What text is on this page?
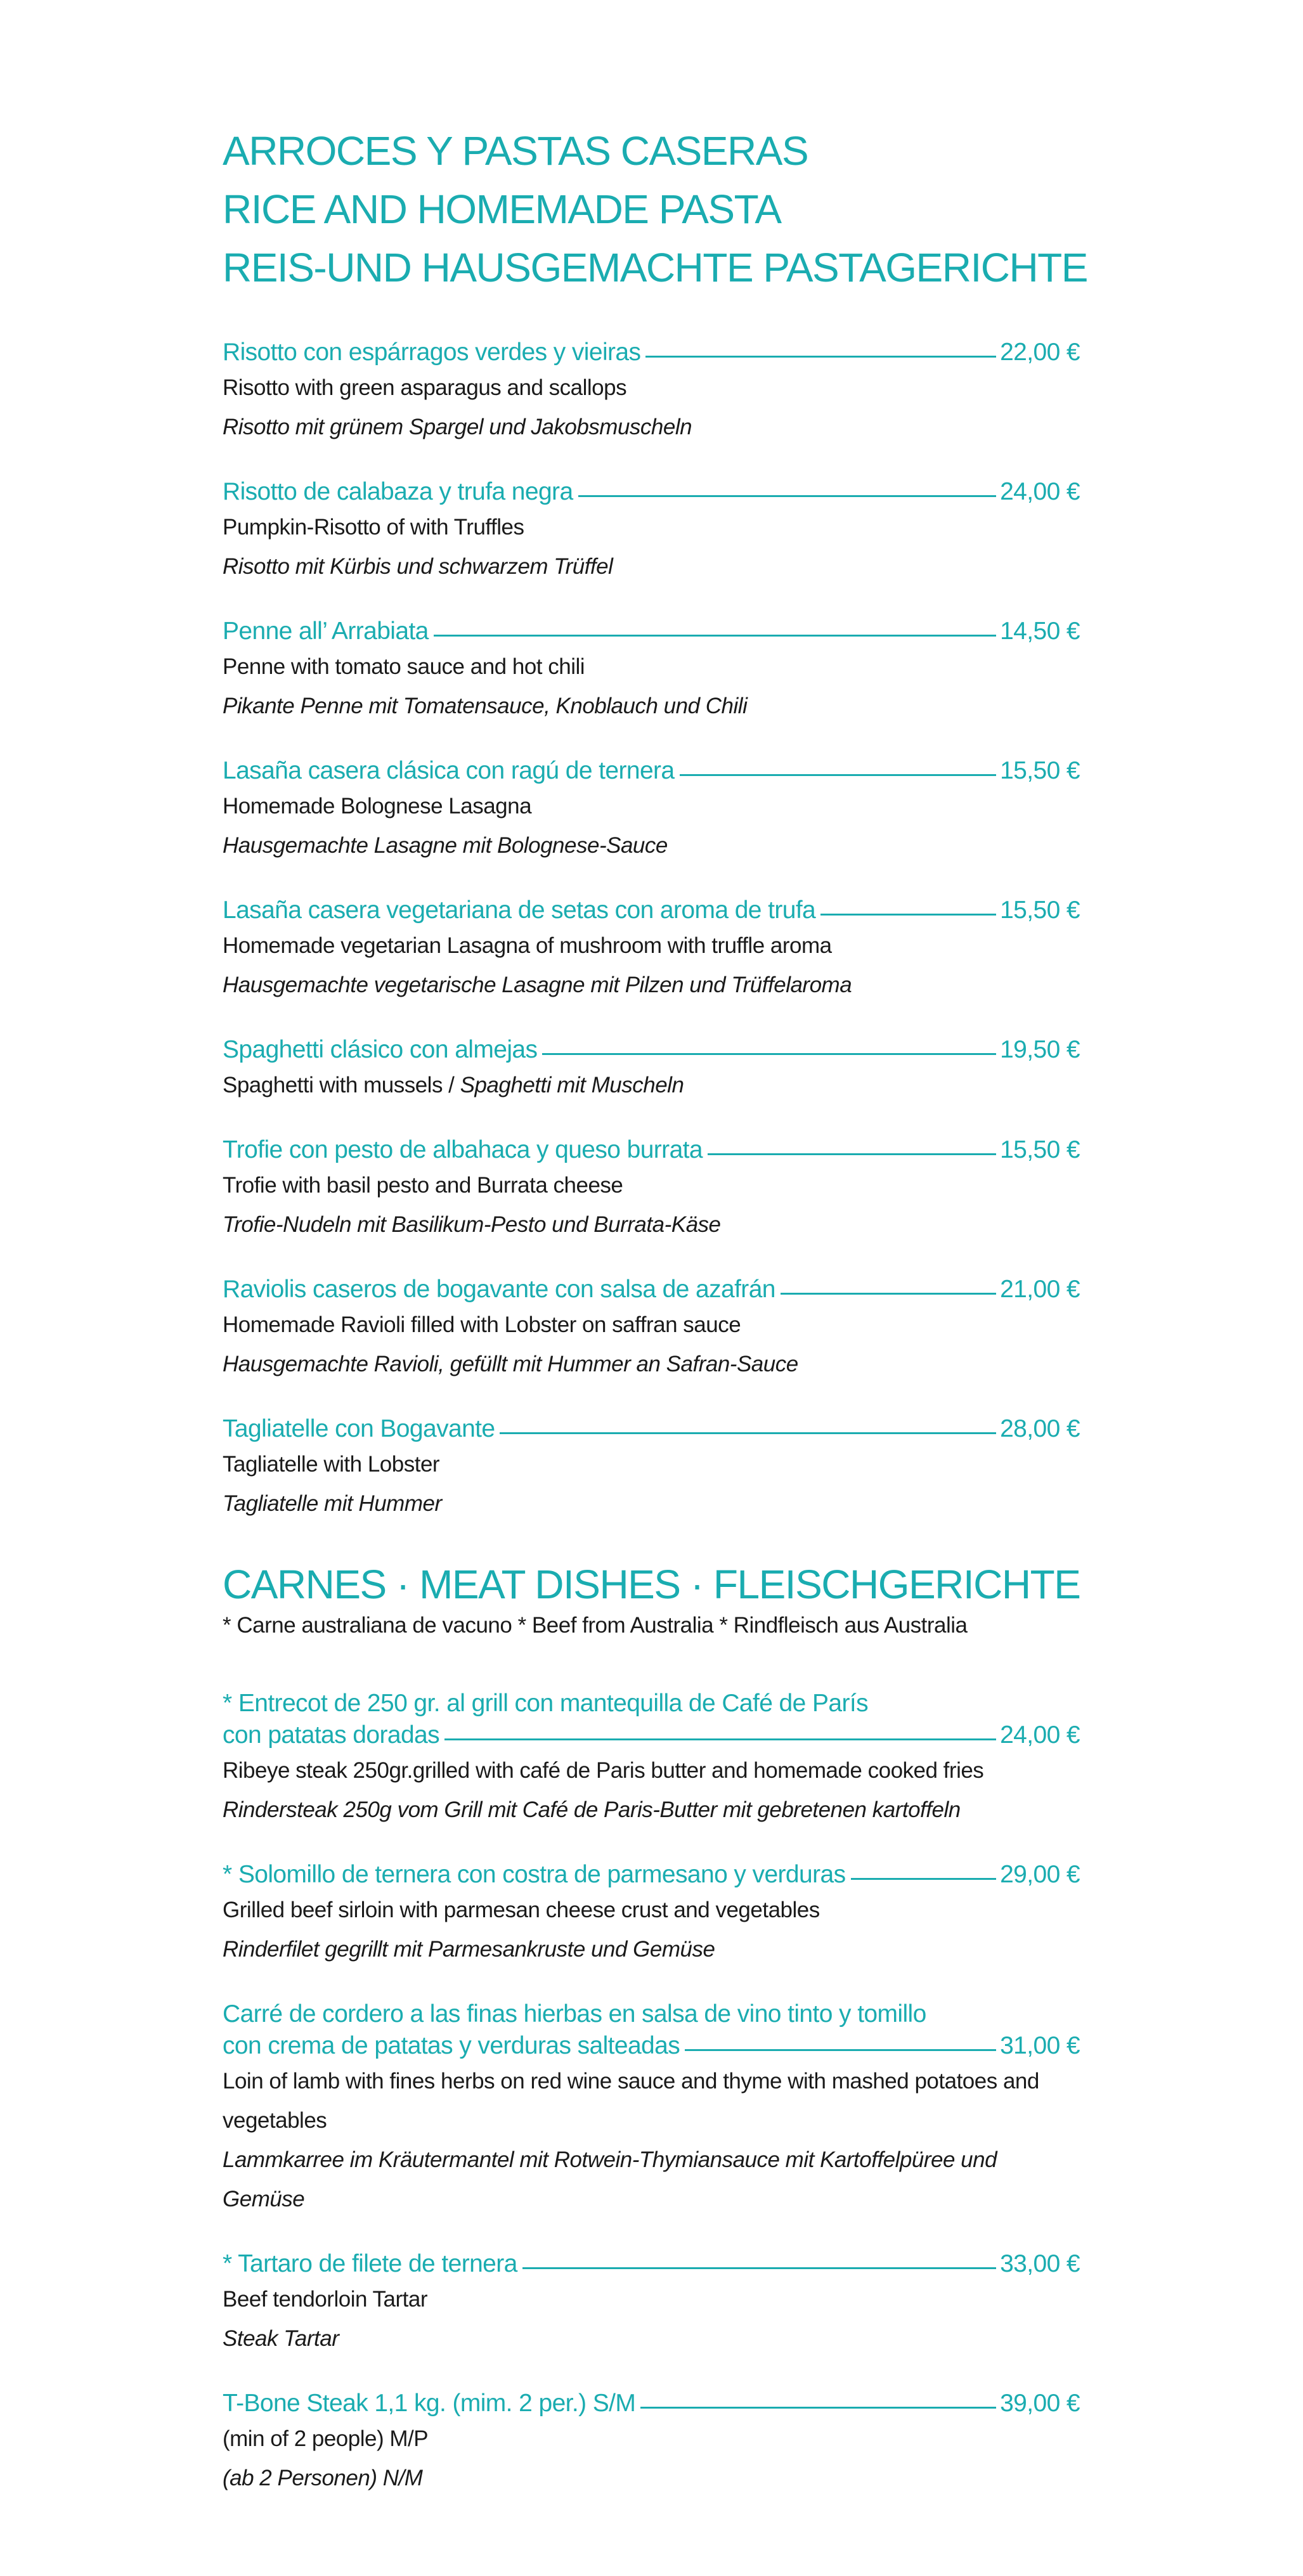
ARROCES Y PASTAS CASERAS
RICE AND HOMEMADE PASTA
REIS-UND HAUSGEMACHTE PASTAGERICHTE
Risotto con espárragos verdes y vieiras	22,00 €
Risotto with green asparagus and scallops
Risotto mit grünem Spargel und Jakobsmuscheln
Risotto de calabaza y trufa negra	24,00 €
Pumpkin-Risotto of with Truffles
Risotto mit Kürbis und schwarzem Trüffel
Penne all’ Arrabiata	14,50 €
Penne with tomato sauce and hot chili
Pikante Penne mit Tomatensauce, Knoblauch und Chili
Lasaña casera clásica con ragú de ternera	15,50 €
Homemade Bolognese Lasagna
Hausgemachte Lasagne mit Bolognese-Sauce
Lasaña casera vegetariana de setas con aroma de trufa	15,50 €
Homemade vegetarian Lasagna of mushroom with truffle aroma
Hausgemachte vegetarische Lasagne mit Pilzen und Trüffelaroma
Spaghetti clásico con almejas	19,50 €
Spaghetti with mussels / Spaghetti mit Muscheln
Trofie con pesto de albahaca y queso burrata	15,50 €
Trofie with basil pesto and Burrata cheese
Trofie-Nudeln mit Basilikum-Pesto und Burrata-Käse
Raviolis caseros de bogavante con salsa de azafrán	21,00 €
Homemade Ravioli filled with Lobster on saffran sauce
Hausgemachte Ravioli, gefüllt mit Hummer an Safran-Sauce
Tagliatelle con Bogavante	28,00 €
Tagliatelle with Lobster
Tagliatelle mit Hummer
CARNES · MEAT DISHES · FLEISCHGERICHTE
* Carne australiana de vacuno * Beef from Australia * Rindfleisch aus Australia
* Entrecot de 250 gr. al grill con mantequilla de Café de París
con patatas doradas	24,00 €
Ribeye steak 250gr.grilled with café de Paris butter and homemade cooked fries
Rindersteak 250g vom Grill mit Café de Paris-Butter mit gebretenen kartoffeln
* Solomillo de ternera con costra de parmesano y verduras	29,00 €
Grilled beef sirloin with parmesan cheese crust and vegetables
Rinderfilet gegrillt mit Parmesankruste und Gemüse
Carré de cordero a las finas hierbas en salsa de vino tinto y tomillo
con crema de patatas y verduras salteadas	31,00 €
Loin of lamb with fines herbs on red wine sauce and thyme with mashed potatoes and
vegetables
Lammkarree im Kräutermantel mit Rotwein-Thymiansauce mit Kartoffelpüree und Gemüse
* Tartaro de filete de ternera	33,00 €
Beef tendorloin Tartar
Steak Tartar
T-Bone Steak 1,1 kg. (mim. 2 per.) S/M	39,00 €
(min of 2 people) M/P
(ab 2 Personen) N/M
